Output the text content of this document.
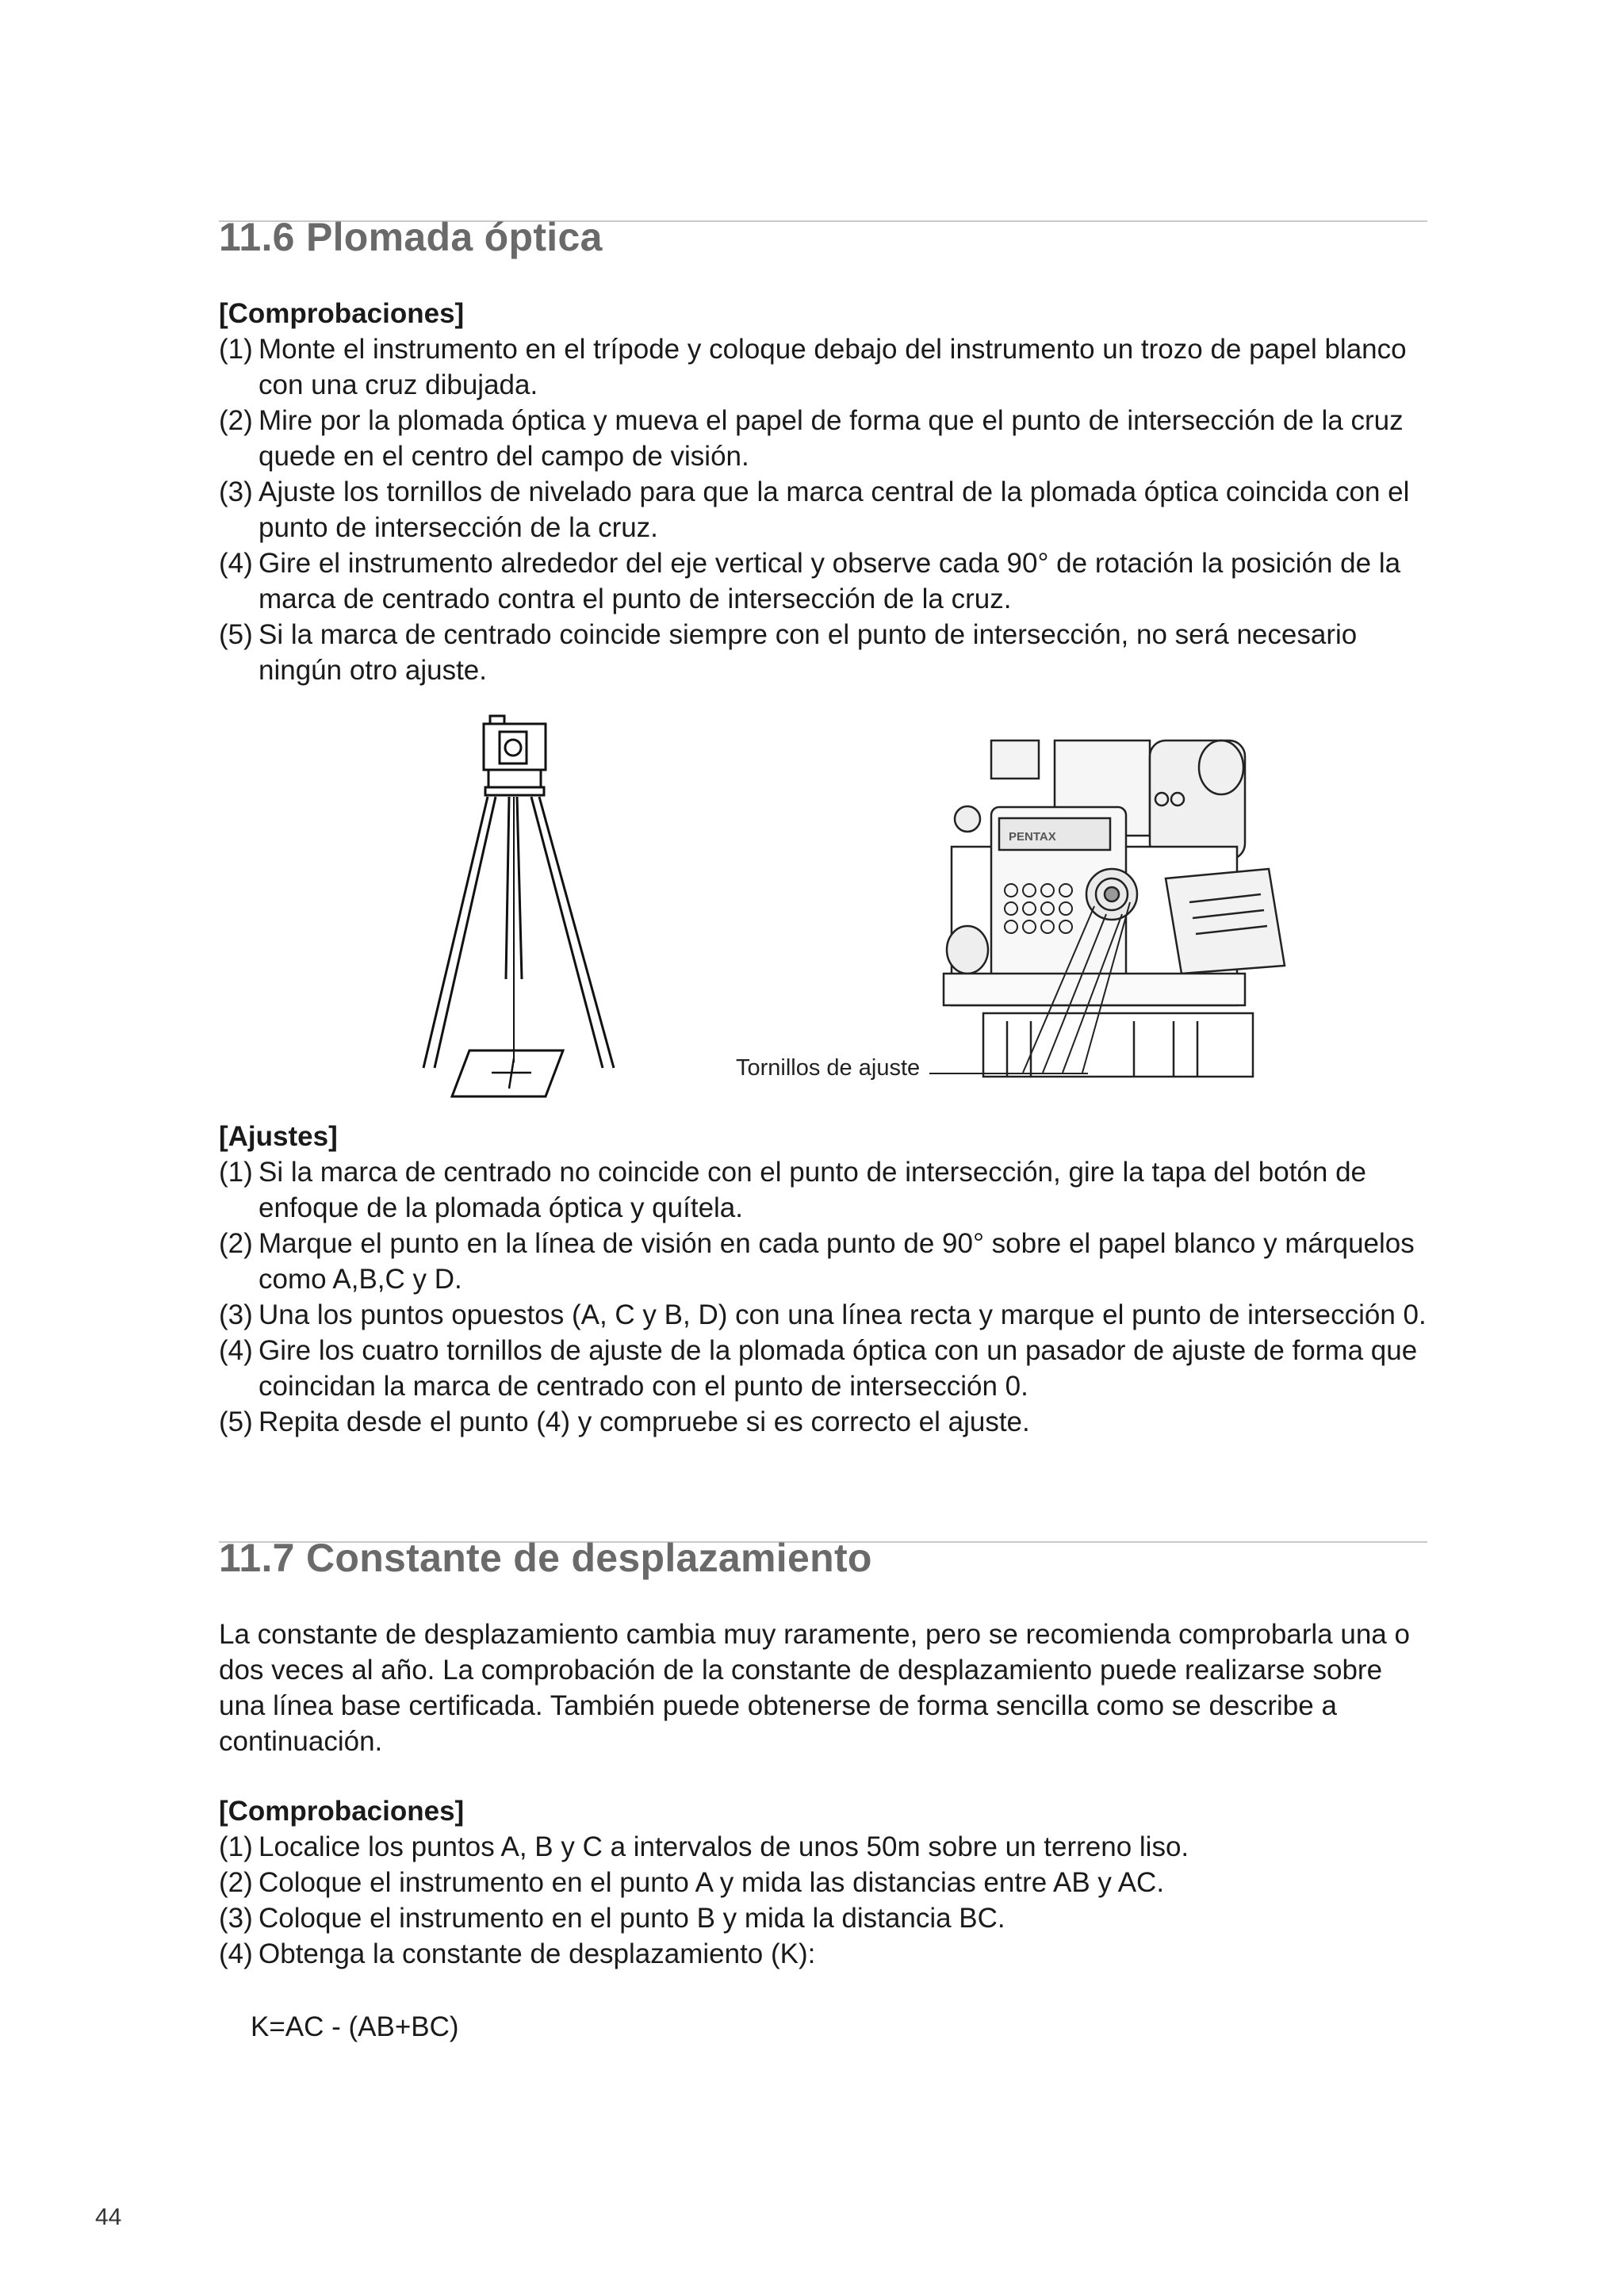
11.6 Plomada óptica

[Comprobaciones]

(1) Monte el instrumento en el trípode y coloque debajo del instrumento un trozo de papel blanco con una cruz dibujada.
(2) Mire por la plomada óptica y mueva el papel de forma que el punto de intersección de la cruz quede en el centro del campo de visión.
(3) Ajuste los tornillos de nivelado para que la marca central de la plomada óptica coincida con el punto de intersección de la cruz.
(4) Gire el instrumento alrededor del eje vertical y observe cada 90° de rotación la posición de la marca de centrado contra el punto de intersección de la cruz.
(5) Si la marca de centrado coincide siempre con el punto de intersección, no será necesario ningún otro ajuste.
PENTAX
Tornillos de ajuste

[Ajustes]

(1) Si la marca de centrado no coincide con el punto de intersección, gire la tapa del botón de enfoque de la plomada óptica y quítela.
(2) Marque el punto en la línea de visión en cada punto de 90° sobre el papel blanco y márquelos como A,B,C y D.
(3) Una los puntos opuestos (A, C y B, D) con una línea recta y marque el punto de intersección 0.
(4) Gire los cuatro tornillos de ajuste de la plomada óptica con un pasador de ajuste de forma que coincidan la marca de centrado con el punto de intersección 0.
(5) Repita desde el punto (4) y compruebe si es correcto el ajuste.
11.7 Constante de desplazamiento

La constante de desplazamiento cambia muy raramente, pero se recomienda comprobarla una o dos veces al año. La comprobación de la constante de desplazamiento puede realizarse sobre una línea base certificada. También puede obtenerse de forma sencilla como se describe a continuación.

[Comprobaciones]

(1) Localice los puntos A, B y C a intervalos de unos 50m sobre un terreno liso.
(2) Coloque el instrumento en el punto A y mida las distancias entre AB y AC.
(3) Coloque el instrumento en el punto B y mida la distancia BC.
(4) Obtenga la constante de desplazamiento (K):
K=AC - (AB+BC)
44
